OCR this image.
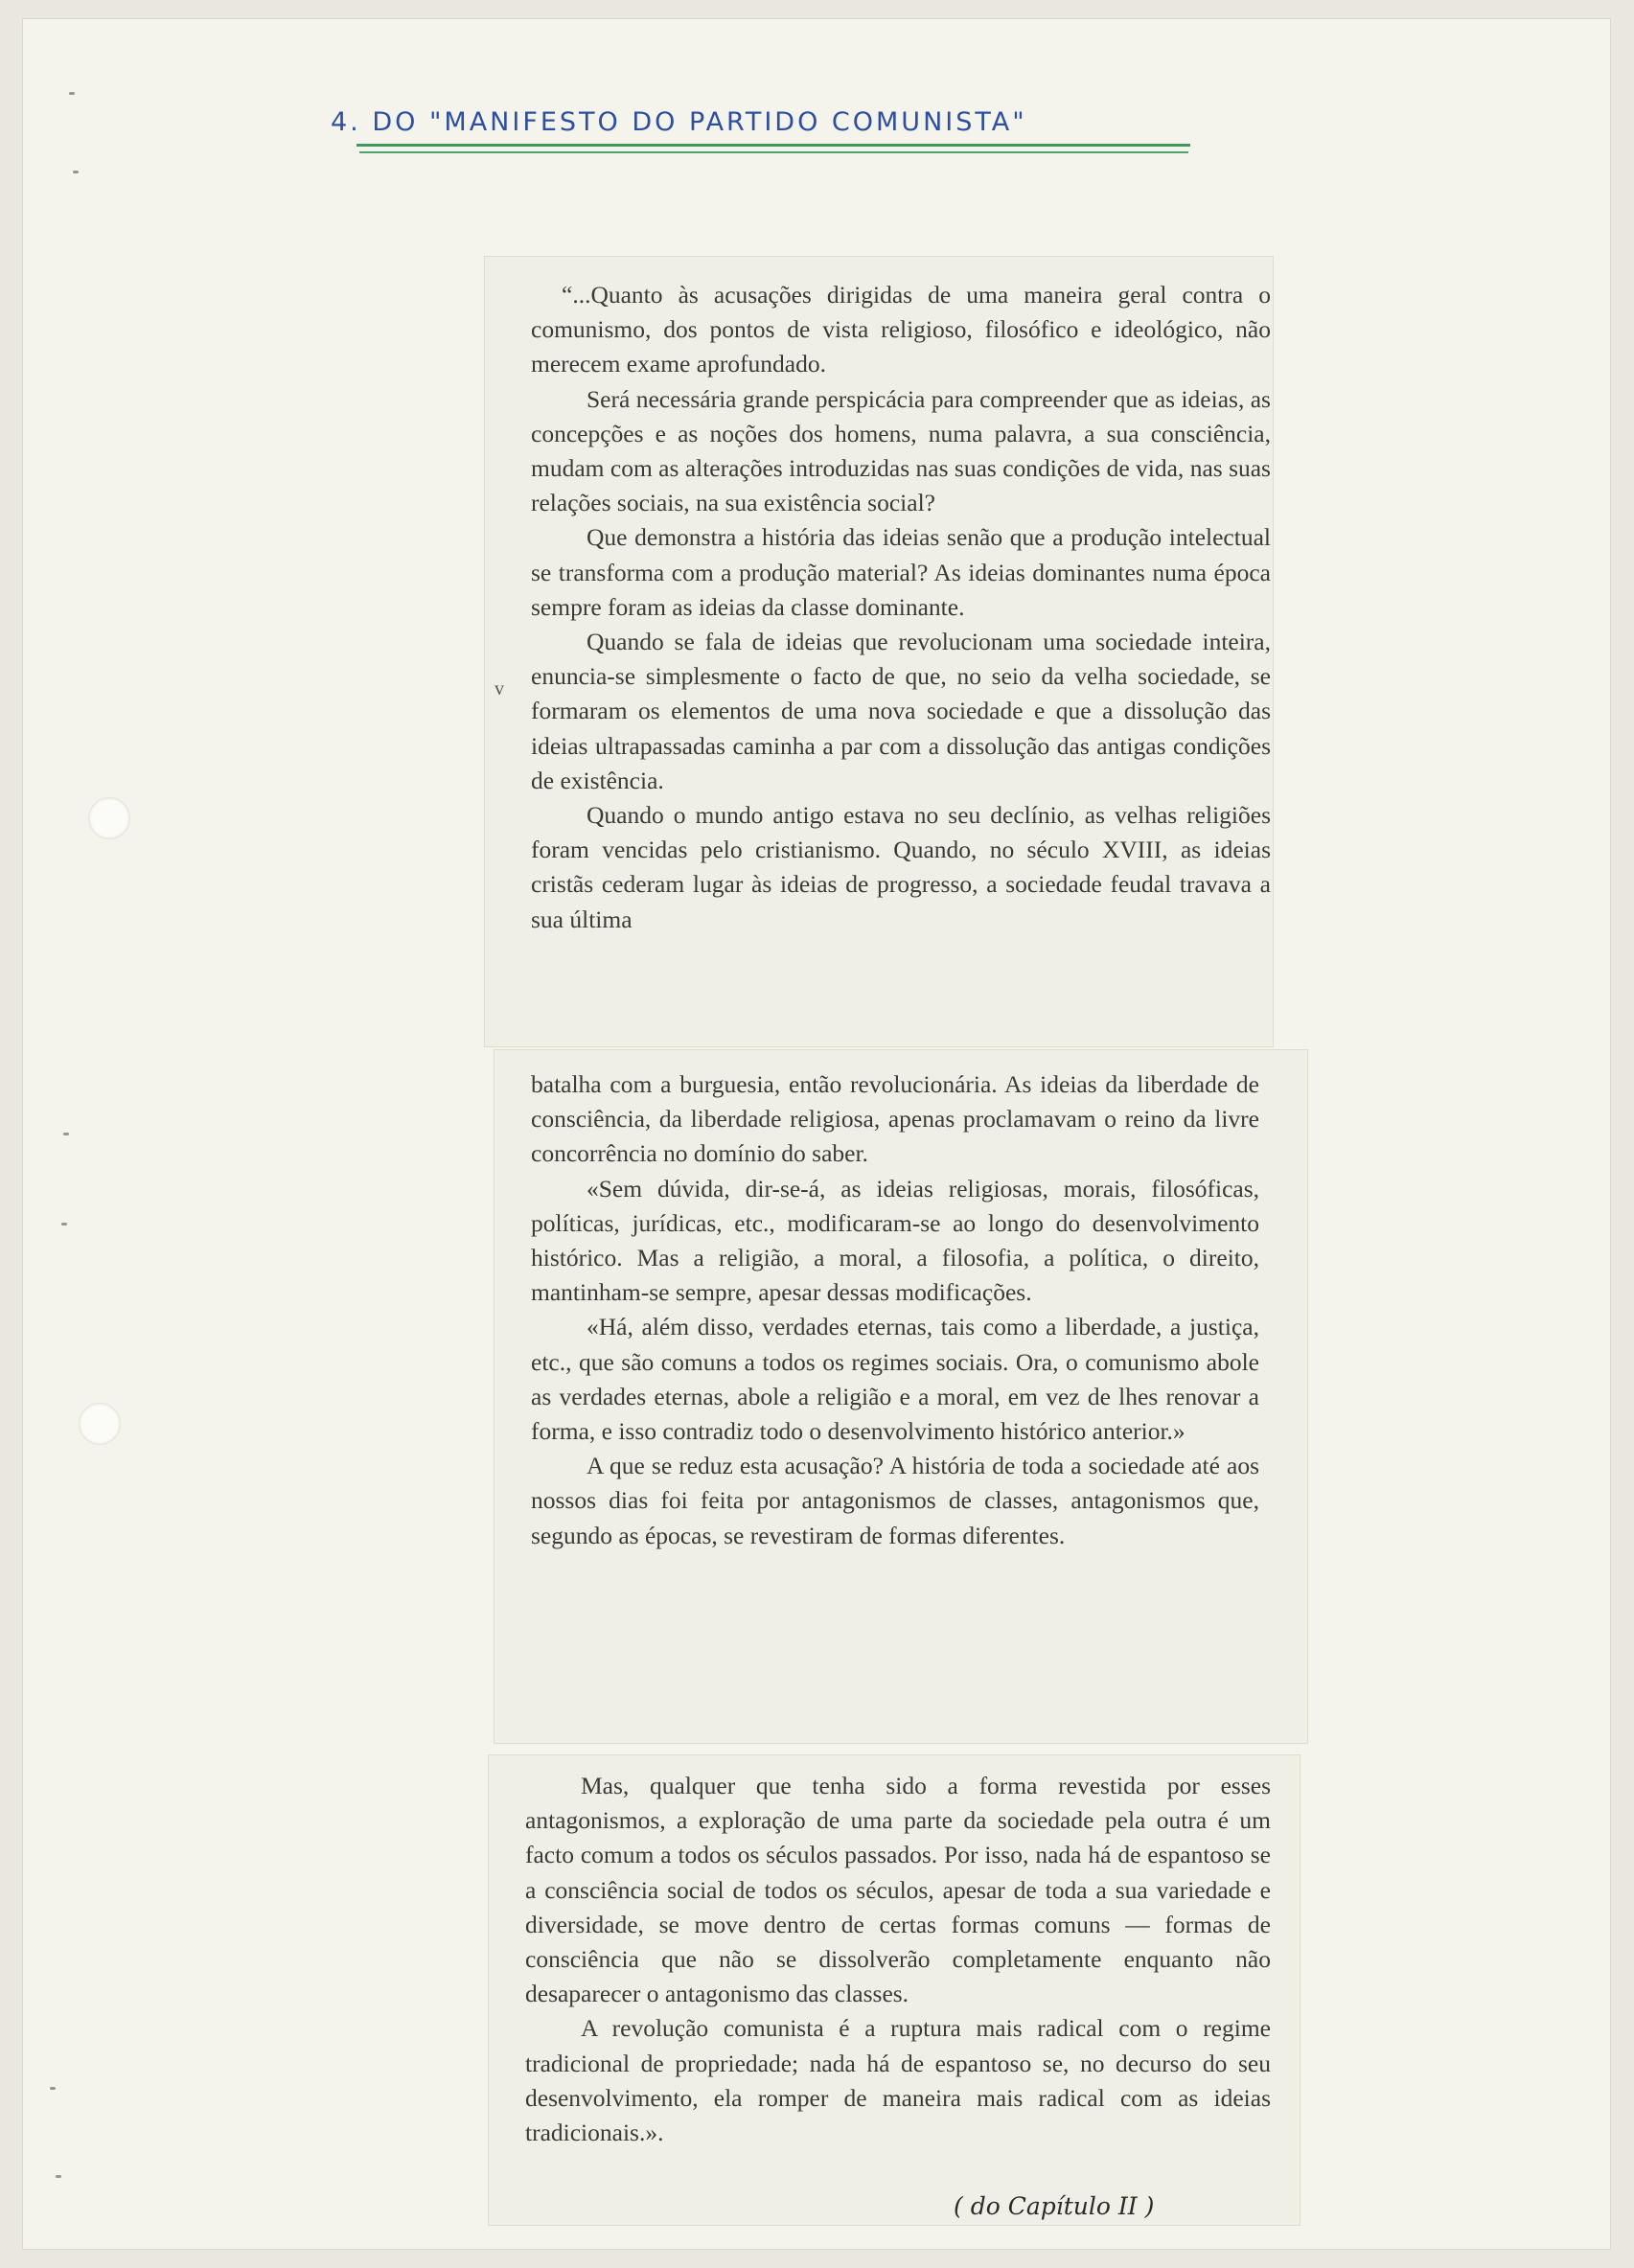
4. DO "MANIFESTO DO PARTIDO COMUNISTA"

“...Quanto às acusações dirigidas de uma maneira geral contra o comunismo, dos pontos de vista religioso, filosófico e ideológico, não merecem exame aprofundado.

Será necessária grande perspicácia para compreender que as ideias, as concepções e as noções dos homens, numa palavra, a sua consciência, mudam com as alterações introduzidas nas suas condições de vida, nas suas relações sociais, na sua existência social?

Que demonstra a história das ideias senão que a produção intelectual se transforma com a produção material? As ideias dominantes numa época sempre foram as ideias da classe dominante.

Quando se fala de ideias que revolucionam uma sociedade inteira, enuncia-se simplesmente o facto de que, no seio da velha sociedade, se formaram os elementos de uma nova sociedade e que a dissolução das ideias ultrapassadas caminha a par com a dissolução das antigas condições de existência.

Quando o mundo antigo estava no seu declínio, as velhas religiões foram vencidas pelo cristianismo. Quando, no século XVIII, as ideias cristãs cederam lugar às ideias de progresso, a sociedade feudal travava a sua última

v

batalha com a burguesia, então revolucionária. As ideias da liberdade de consciência, da liberdade religiosa, apenas proclamavam o reino da livre concorrência no domínio do saber.

«Sem dúvida, dir-se-á, as ideias religiosas, morais, filosóficas, políticas, jurídicas, etc., modificaram-se ao longo do desenvolvimento histórico. Mas a religião, a moral, a filosofia, a política, o direito, mantinham-se sempre, apesar dessas modificações.

«Há, além disso, verdades eternas, tais como a liberdade, a justiça, etc., que são comuns a todos os regimes sociais. Ora, o comunismo abole as verdades eternas, abole a religião e a moral, em vez de lhes renovar a forma, e isso contradiz todo o desenvolvimento histórico anterior.»

A que se reduz esta acusação? A história de toda a sociedade até aos nossos dias foi feita por antagonismos de classes, antagonismos que, segundo as épocas, se revestiram de formas diferentes.

Mas, qualquer que tenha sido a forma revestida por esses antagonismos, a exploração de uma parte da sociedade pela outra é um facto comum a todos os séculos passados. Por isso, nada há de espantoso se a consciência social de todos os séculos, apesar de toda a sua variedade e diversidade, se move dentro de certas formas comuns — formas de consciência que não se dissolverão completamente enquanto não desaparecer o antagonismo das classes.

A revolução comunista é a ruptura mais radical com o regime tradicional de propriedade; nada há de espantoso se, no decurso do seu desenvolvimento, ela romper de maneira mais radical com as ideias tradicionais.».

( do Capítulo II )
